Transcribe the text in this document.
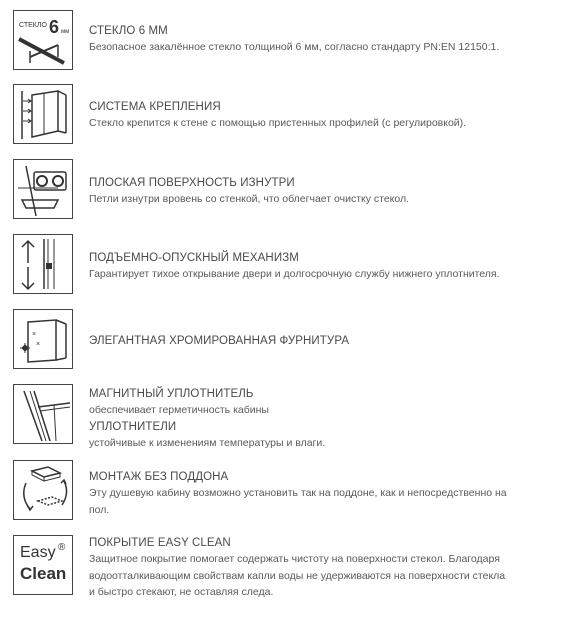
СТЕКЛО 6 мм СТЕКЛО 6 ММ
Безопасное закалённое стекло толщиной 6 мм, согласно стандарту PN:EN 12150:1.
СИСТЕМА КРЕПЛЕНИЯ
Стекло крепится к стене с помощью пристенных профилей (с регулировкой).
ПЛОСКАЯ ПОВЕРХНОСТЬ ИЗНУТРИ
Петли изнутри вровень со стенкой, что облегчает очистку стекол.
ПОДЪЕМНО-ОПУСКНЫЙ МЕХАНИЗМ
Гарантирует тихое открывание двери и долгосрочную службу нижнего уплотнителя.
×
×	ЭЛЕГАНТНАЯ ХРОМИРОВАННАЯ ФУРНИТУРА
МАГНИТНЫЙ УПЛОТНИТЕЛЬ
обеспечивает герметичность кабины
УПЛОТНИТЕЛИ
устойчивые к изменениям температуры и влаги.
МОНТАЖ БЕЗ ПОДДОНА
Эту душевую кабину возможно установить так на поддоне, как и непосредственно на
пол.
Easy ®
Clean
ПОКРЫТИЕ EASY CLEAN
Защитное покрытие помогает содержать чистоту на поверхности стекол. Благодаря
водоотталкивающим свойствам капли воды не удерживаются на поверхности стекла
и быстро стекают, не оставляя следа.
